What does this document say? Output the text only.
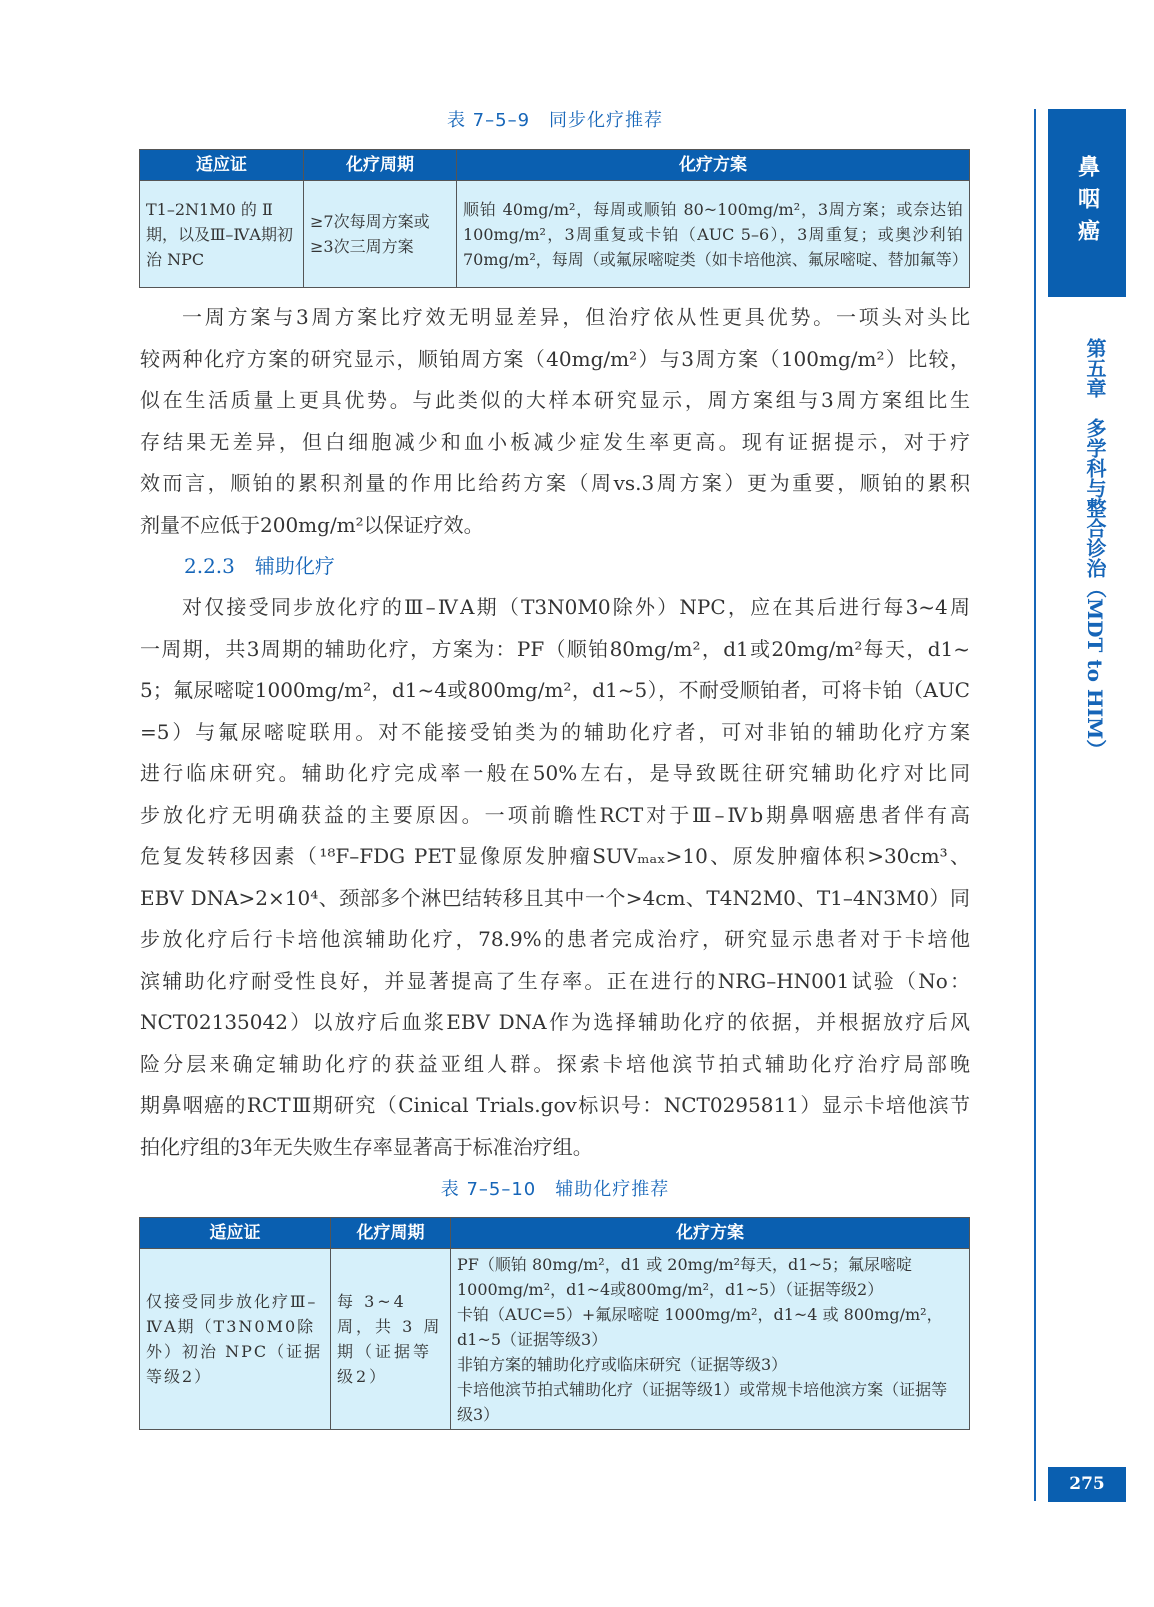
表 7–5–9　同步化疗推荐
适应证	化疗周期	化疗方案
T1–2N1M0 的 Ⅱ期，以及Ⅲ–ⅣA期初治 NPC	≥7次每周方案或≥3次三周方案	顺铂 40mg/m²，每周或顺铂 80~100mg/m²，3周方案；或奈达铂 100mg/m²，3周重复或卡铂（AUC 5–6），3周重复；或奥沙利铂 70mg/m²，每周（或氟尿嘧啶类（如卡培他滨、氟尿嘧啶、替加氟等）
一周方案与3周方案比疗效无明显差异，但治疗依从性更具优势。一项头对头比
较两种化疗方案的研究显示，顺铂周方案（40mg/m²）与3周方案（100mg/m²）比较，
似在生活质量上更具优势。与此类似的大样本研究显示，周方案组与3周方案组比生
存结果无差异，但白细胞减少和血小板减少症发生率更高。现有证据提示，对于疗
效而言，顺铂的累积剂量的作用比给药方案（周vs.3周方案）更为重要，顺铂的累积
剂量不应低于200mg/m²以保证疗效。
2.2.3　辅助化疗
对仅接受同步放化疗的Ⅲ–ⅣA期（T3N0M0除外）NPC，应在其后进行每3~4周
一周期，共3周期的辅助化疗，方案为：PF（顺铂80mg/m²，d1或20mg/m²每天，d1~
5；氟尿嘧啶1000mg/m²，d1~4或800mg/m²，d1~5），不耐受顺铂者，可将卡铂（AUC
=5）与氟尿嘧啶联用。对不能接受铂类为的辅助化疗者，可对非铂的辅助化疗方案
进行临床研究。辅助化疗完成率一般在50%左右，是导致既往研究辅助化疗对比同
步放化疗无明确获益的主要原因。一项前瞻性RCT对于Ⅲ–Ⅳb期鼻咽癌患者伴有高
危复发转移因素（¹⁸F–FDG PET显像原发肿瘤SUVₘₐₓ>10、原发肿瘤体积>30cm³、
EBV DNA>2×10⁴、颈部多个淋巴结转移且其中一个>4cm、T4N2M0、T1–4N3M0）同
步放化疗后行卡培他滨辅助化疗，78.9%的患者完成治疗，研究显示患者对于卡培他
滨辅助化疗耐受性良好，并显著提高了生存率。正在进行的NRG–HN001试验（No：
NCT02135042）以放疗后血浆EBV DNA作为选择辅助化疗的依据，并根据放疗后风
险分层来确定辅助化疗的获益亚组人群。探索卡培他滨节拍式辅助化疗治疗局部晚
期鼻咽癌的RCTⅢ期研究（Cinical Trials.gov标识号：NCT0295811）显示卡培他滨节
拍化疗组的3年无失败生存率显著高于标准治疗组。
表 7–5–10　辅助化疗推荐
适应证	化疗周期	化疗方案
仅接受同步放化疗Ⅲ–ⅣA期（T3N0M0除外）初治 NPC（证据等级2）	每 3~4 周，共 3 周期（证据等级2）	PF（顺铂 80mg/m²，d1 或 20mg/m²每天，d1~5；氟尿嘧啶 1000mg/m²，d1~4或800mg/m²，d1~5）（证据等级2）
卡铂（AUC=5）+氟尿嘧啶 1000mg/m²，d1~4 或 800mg/m²，d1~5（证据等级3）
非铂方案的辅助化疗或临床研究（证据等级3）
卡培他滨节拍式辅助化疗（证据等级1）或常规卡培他滨方案（证据等级3）
鼻咽癌
第五章　多学科与整合诊治（MDT to HIM）
275
